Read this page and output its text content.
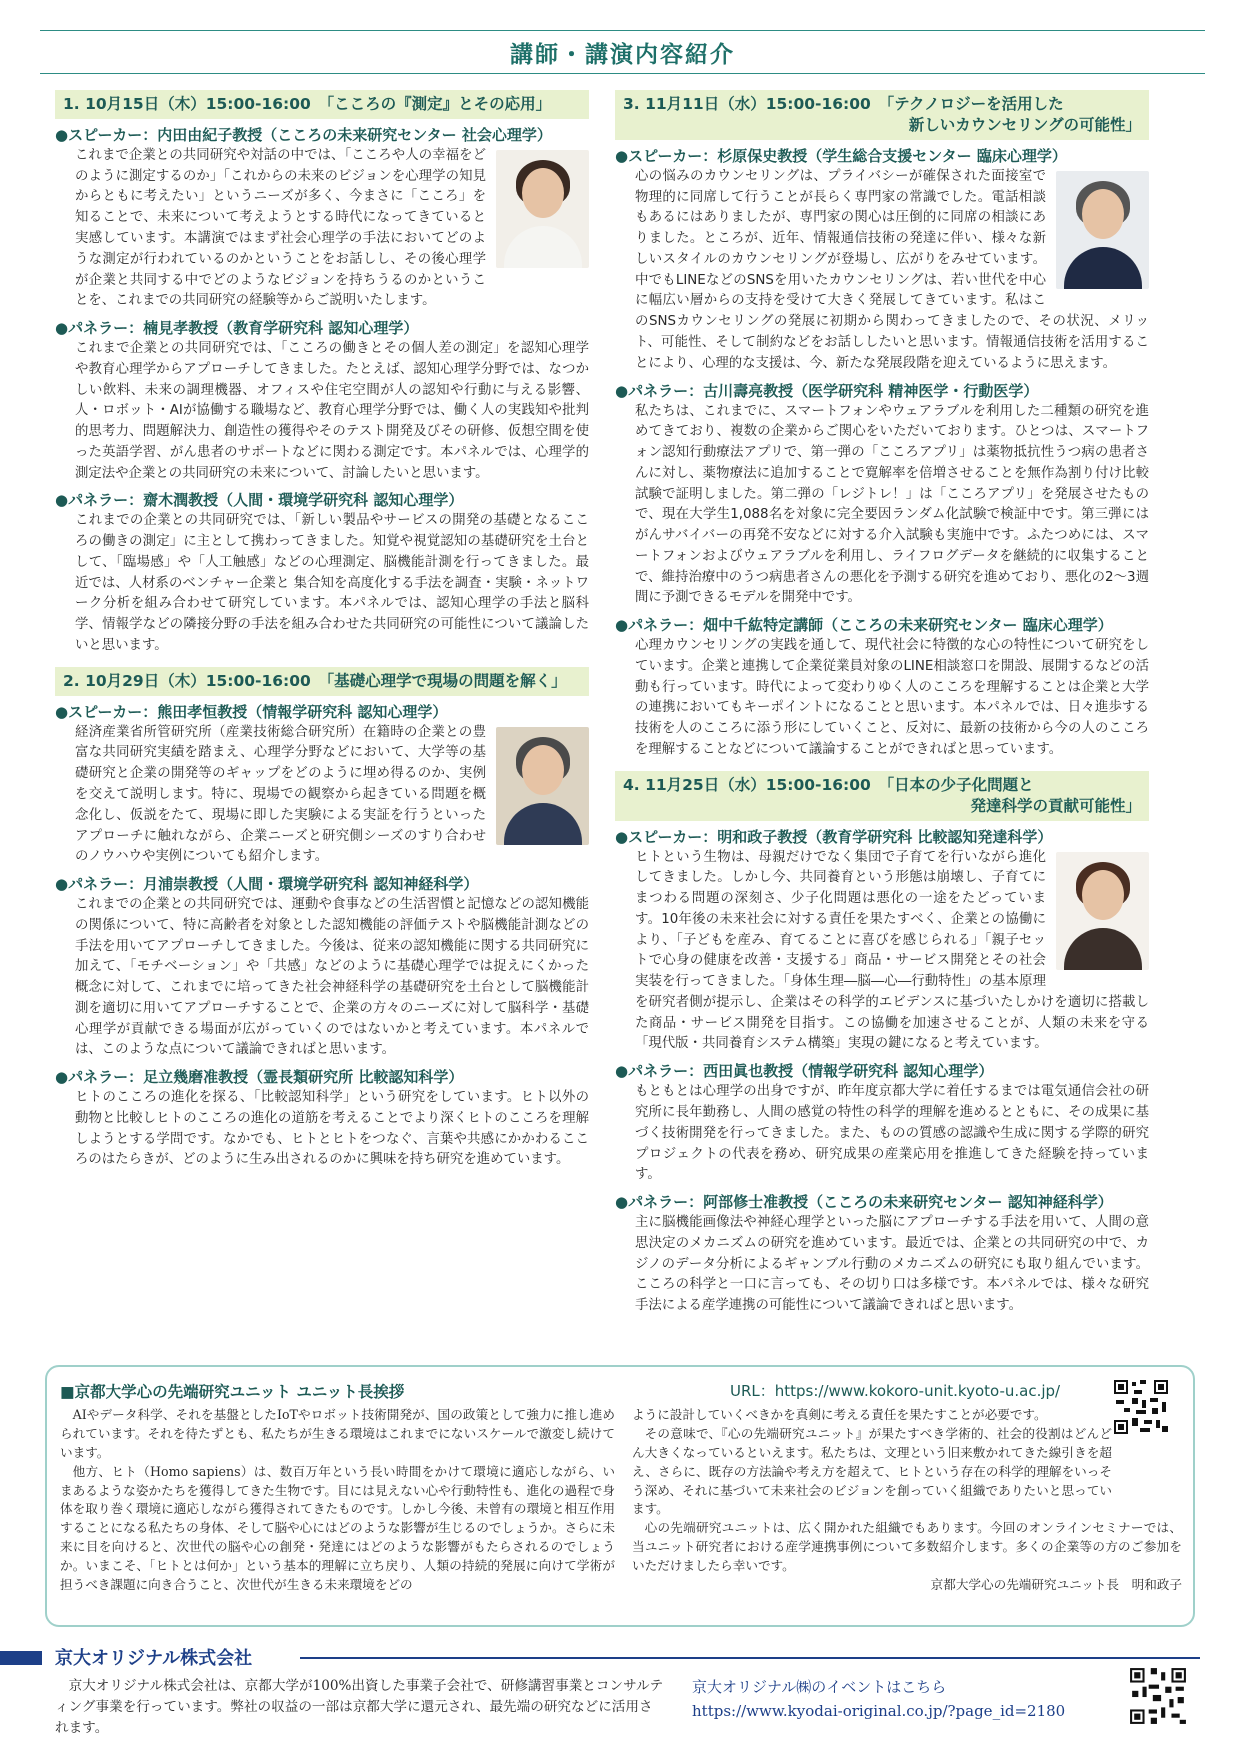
講師・講演内容紹介
1. 10月15日（木）15:00-16:00　「こころの『測定』とその応用」
●スピーカー：内田由紀子教授（こころの未来研究センター 社会心理学）
これまで企業との共同研究や対話の中では、「こころや人の幸福をどのように測定するのか」「これからの未来のビジョンを心理学の知見からともに考えたい」というニーズが多く、今まさに「こころ」を知ることで、未来について考えようとする時代になってきていると実感しています。本講演ではまず社会心理学の手法においてどのような測定が行われているのかということをお話しし、その後心理学が企業と共同する中でどのようなビジョンを持ちうるのかということを、これまでの共同研究の経験等からご説明いたします。
●パネラー：楠見孝教授（教育学研究科 認知心理学）
これまで企業との共同研究では、「こころの働きとその個人差の測定」を認知心理学や教育心理学からアプローチしてきました。たとえば、認知心理学分野では、なつかしい飲料、未来の調理機器、オフィスや住宅空間が人の認知や行動に与える影響、人・ロボット・AIが協働する職場など、教育心理学分野では、働く人の実践知や批判的思考力、問題解決力、創造性の獲得やそのテスト開発及びその研修、仮想空間を使った英語学習、がん患者のサポートなどに関わる測定です。本パネルでは、心理学的測定法や企業との共同研究の未来について、討論したいと思います。
●パネラー：齋木潤教授（人間・環境学研究科 認知心理学）
これまでの企業との共同研究では、「新しい製品やサービスの開発の基礎となるこころの働きの測定」に主として携わってきました。知覚や視覚認知の基礎研究を土台として、「臨場感」や「人工触感」などの心理測定、脳機能計測を行ってきました。最近では、人材系のベンチャー企業と 集合知を高度化する手法を調査・実験・ネットワーク分析を組み合わせて研究しています。本パネルでは、認知心理学の手法と脳科学、情報学などの隣接分野の手法を組み合わせた共同研究の可能性について議論したいと思います。
2. 10月29日（木）15:00-16:00　「基礎心理学で現場の問題を解く」
●スピーカー：熊田孝恒教授（情報学研究科 認知心理学）
経済産業省所管研究所（産業技術総合研究所）在籍時の企業との豊富な共同研究実績を踏まえ、心理学分野などにおいて、大学等の基礎研究と企業の開発等のギャップをどのように埋め得るのか、実例を交えて説明します。特に、現場での観察から起きている問題を概念化し、仮説をたて、現場に即した実験による実証を行うといったアプローチに触れながら、企業ニーズと研究側シーズのすり合わせのノウハウや実例についても紹介します。
●パネラー：月浦崇教授（人間・環境学研究科 認知神経科学）
これまでの企業との共同研究では、運動や食事などの生活習慣と記憶などの認知機能の関係について、特に高齢者を対象とした認知機能の評価テストや脳機能計測などの手法を用いてアプローチしてきました。今後は、従来の認知機能に関する共同研究に加えて、「モチベーション」や「共感」などのように基礎心理学では捉えにくかった概念に対して、これまでに培ってきた社会神経科学の基礎研究を土台として脳機能計測を適切に用いてアプローチすることで、企業の方々のニーズに対して脳科学・基礎心理学が貢献できる場面が広がっていくのではないかと考えています。本パネルでは、このような点について議論できればと思います。
●パネラー：足立幾磨准教授（霊長類研究所 比較認知科学）
ヒトのこころの進化を探る、「比較認知科学」という研究をしています。ヒト以外の動物と比較しヒトのこころの進化の道筋を考えることでより深くヒトのこころを理解しようとする学問です。なかでも、ヒトとヒトをつなぐ、言葉や共感にかかわるこころのはたらきが、どのように生み出されるのかに興味を持ち研究を進めています。
3. 11月11日（水）15:00-16:00　「テクノロジーを活用した
新しいカウンセリングの可能性」
●スピーカー：杉原保史教授（学生総合支援センター 臨床心理学）
心の悩みのカウンセリングは、プライバシーが確保された面接室で物理的に同席して行うことが長らく専門家の常識でした。電話相談もあるにはありましたが、専門家の関心は圧倒的に同席の相談にありました。ところが、近年、情報通信技術の発達に伴い、様々な新しいスタイルのカウンセリングが登場し、広がりをみせています。中でもLINEなどのSNSを用いたカウンセリングは、若い世代を中心に幅広い層からの支持を受けて大きく発展してきています。私はこのSNSカウンセリングの発展に初期から関わってきましたので、その状況、メリット、可能性、そして制約などをお話ししたいと思います。情報通信技術を活用することにより、心理的な支援は、今、新たな発展段階を迎えているように思えます。
●パネラー：古川壽亮教授（医学研究科 精神医学・行動医学）
私たちは、これまでに、スマートフォンやウェアラブルを利用した二種類の研究を進めてきており、複数の企業からご関心をいただいております。ひとつは、スマートフォン認知行動療法アプリで、第一弾の「こころアプリ」は薬物抵抗性うつ病の患者さんに対し、薬物療法に追加することで寛解率を倍増させることを無作為割り付け比較試験で証明しました。第二弾の「レジトレ！」は「こころアプリ」を発展させたもので、現在大学生1,088名を対象に完全要因ランダム化試験で検証中です。第三弾にはがんサバイバーの再発不安などに対する介入試験も実施中です。ふたつめには、スマートフォンおよびウェアラブルを利用し、ライフログデータを継続的に収集することで、維持治療中のうつ病患者さんの悪化を予測する研究を進めており、悪化の2～3週間に予測できるモデルを開発中です。
●パネラー：畑中千紘特定講師（こころの未来研究センター 臨床心理学）
心理カウンセリングの実践を通して、現代社会に特徴的な心の特性について研究をしています。企業と連携して企業従業員対象のLINE相談窓口を開設、展開するなどの活動も行っています。時代によって変わりゆく人のこころを理解することは企業と大学の連携においてもキーポイントになることと思います。本パネルでは、日々進歩する技術を人のこころに添う形にしていくこと、反対に、最新の技術から今の人のこころを理解することなどについて議論することができればと思っています。
4. 11月25日（水）15:00-16:00　「日本の少子化問題と
発達科学の貢献可能性」
●スピーカー：明和政子教授（教育学研究科 比較認知発達科学）
ヒトという生物は、母親だけでなく集団で子育てを行いながら進化してきました。しかし今、共同養育という形態は崩壊し、子育てにまつわる問題の深刻さ、少子化問題は悪化の一途をたどっています。10年後の未来社会に対する責任を果たすべく、企業との協働により、「子どもを産み、育てることに喜びを感じられる」「親子セットで心身の健康を改善・支援する」商品・サービス開発とその社会実装を行ってきました。「身体生理―脳―心―行動特性」の基本原理を研究者側が提示し、企業はその科学的エビデンスに基づいたしかけを適切に搭載した商品・サービス開発を目指す。この協働を加速させることが、人類の未来を守る「現代版・共同養育システム構築」実現の鍵になると考えています。
●パネラー：西田眞也教授（情報学研究科 認知心理学）
もともとは心理学の出身ですが、昨年度京都大学に着任するまでは電気通信会社の研究所に長年勤務し、人間の感覚の特性の科学的理解を進めるとともに、その成果に基づく技術開発を行ってきました。また、ものの質感の認識や生成に関する学際的研究プロジェクトの代表を務め、研究成果の産業応用を推進してきた経験を持っています。
●パネラー：阿部修士准教授（こころの未来研究センター 認知神経科学）
主に脳機能画像法や神経心理学といった脳にアプローチする手法を用いて、人間の意思決定のメカニズムの研究を進めています。最近では、企業との共同研究の中で、カジノのデータ分析によるギャンブル行動のメカニズムの研究にも取り組んでいます。こころの科学と一口に言っても、その切り口は多様です。本パネルでは、様々な研究手法による産学連携の可能性について議論できればと思います。
■京都大学心の先端研究ユニット ユニット長挨拶	URL：https://www.kokoro-unit.kyoto-u.ac.jp/

AIやデータ科学、それを基盤としたIoTやロボット技術開発が、国の政策として強力に推し進められています。それを待たずとも、私たちが生きる環境はこれまでにないスケールで激変し続けています。

他方、ヒト（Homo sapiens）は、数百万年という長い時間をかけて環境に適応しながら、いまあるような姿かたちを獲得してきた生物です。目には見えない心や行動特性も、進化の過程で身体を取り巻く環境に適応しながら獲得されてきたものです。しかし今後、未曾有の環境と相互作用することになる私たちの身体、そして脳や心にはどのような影響が生じるのでしょうか。さらに未来に目を向けると、次世代の脳や心の創発・発達にはどのような影響がもたらされるのでしょうか。いまこそ、「ヒトとは何か」という基本的理解に立ち戻り、人類の持続的発展に向けて学術が担うべき課題に向き合うこと、次世代が生きる未来環境をどの

ように設計していくべきかを真剣に考える責任を果たすことが必要です。

その意味で、『心の先端研究ユニット』が果たすべき学術的、社会的役割はどんどん大きくなっているといえます。私たちは、文理という旧来敷かれてきた線引きを超え、さらに、既存の方法論や考え方を超えて、ヒトという存在の科学的理解をいっそう深め、それに基づいて未来社会のビジョンを創っていく組織でありたいと思っています。

心の先端研究ユニットは、広く開かれた組織でもあります。今回のオンラインセミナーでは、当ユニット研究者における産学連携事例について多数紹介します。多くの企業等の方のご参加をいただけましたら幸いです。

京都大学心の先端研究ユニット長　明和政子
京大オリジナル株式会社
京大オリジナル株式会社は、京都大学が100%出資した事業子会社で、研修講習事業とコンサルティング事業を行っています。弊社の収益の一部は京都大学に還元され、最先端の研究などに活用されます。
京大オリジナル㈱のイベントはこちら
https://www.kyodai-original.co.jp/?page_id=2180
